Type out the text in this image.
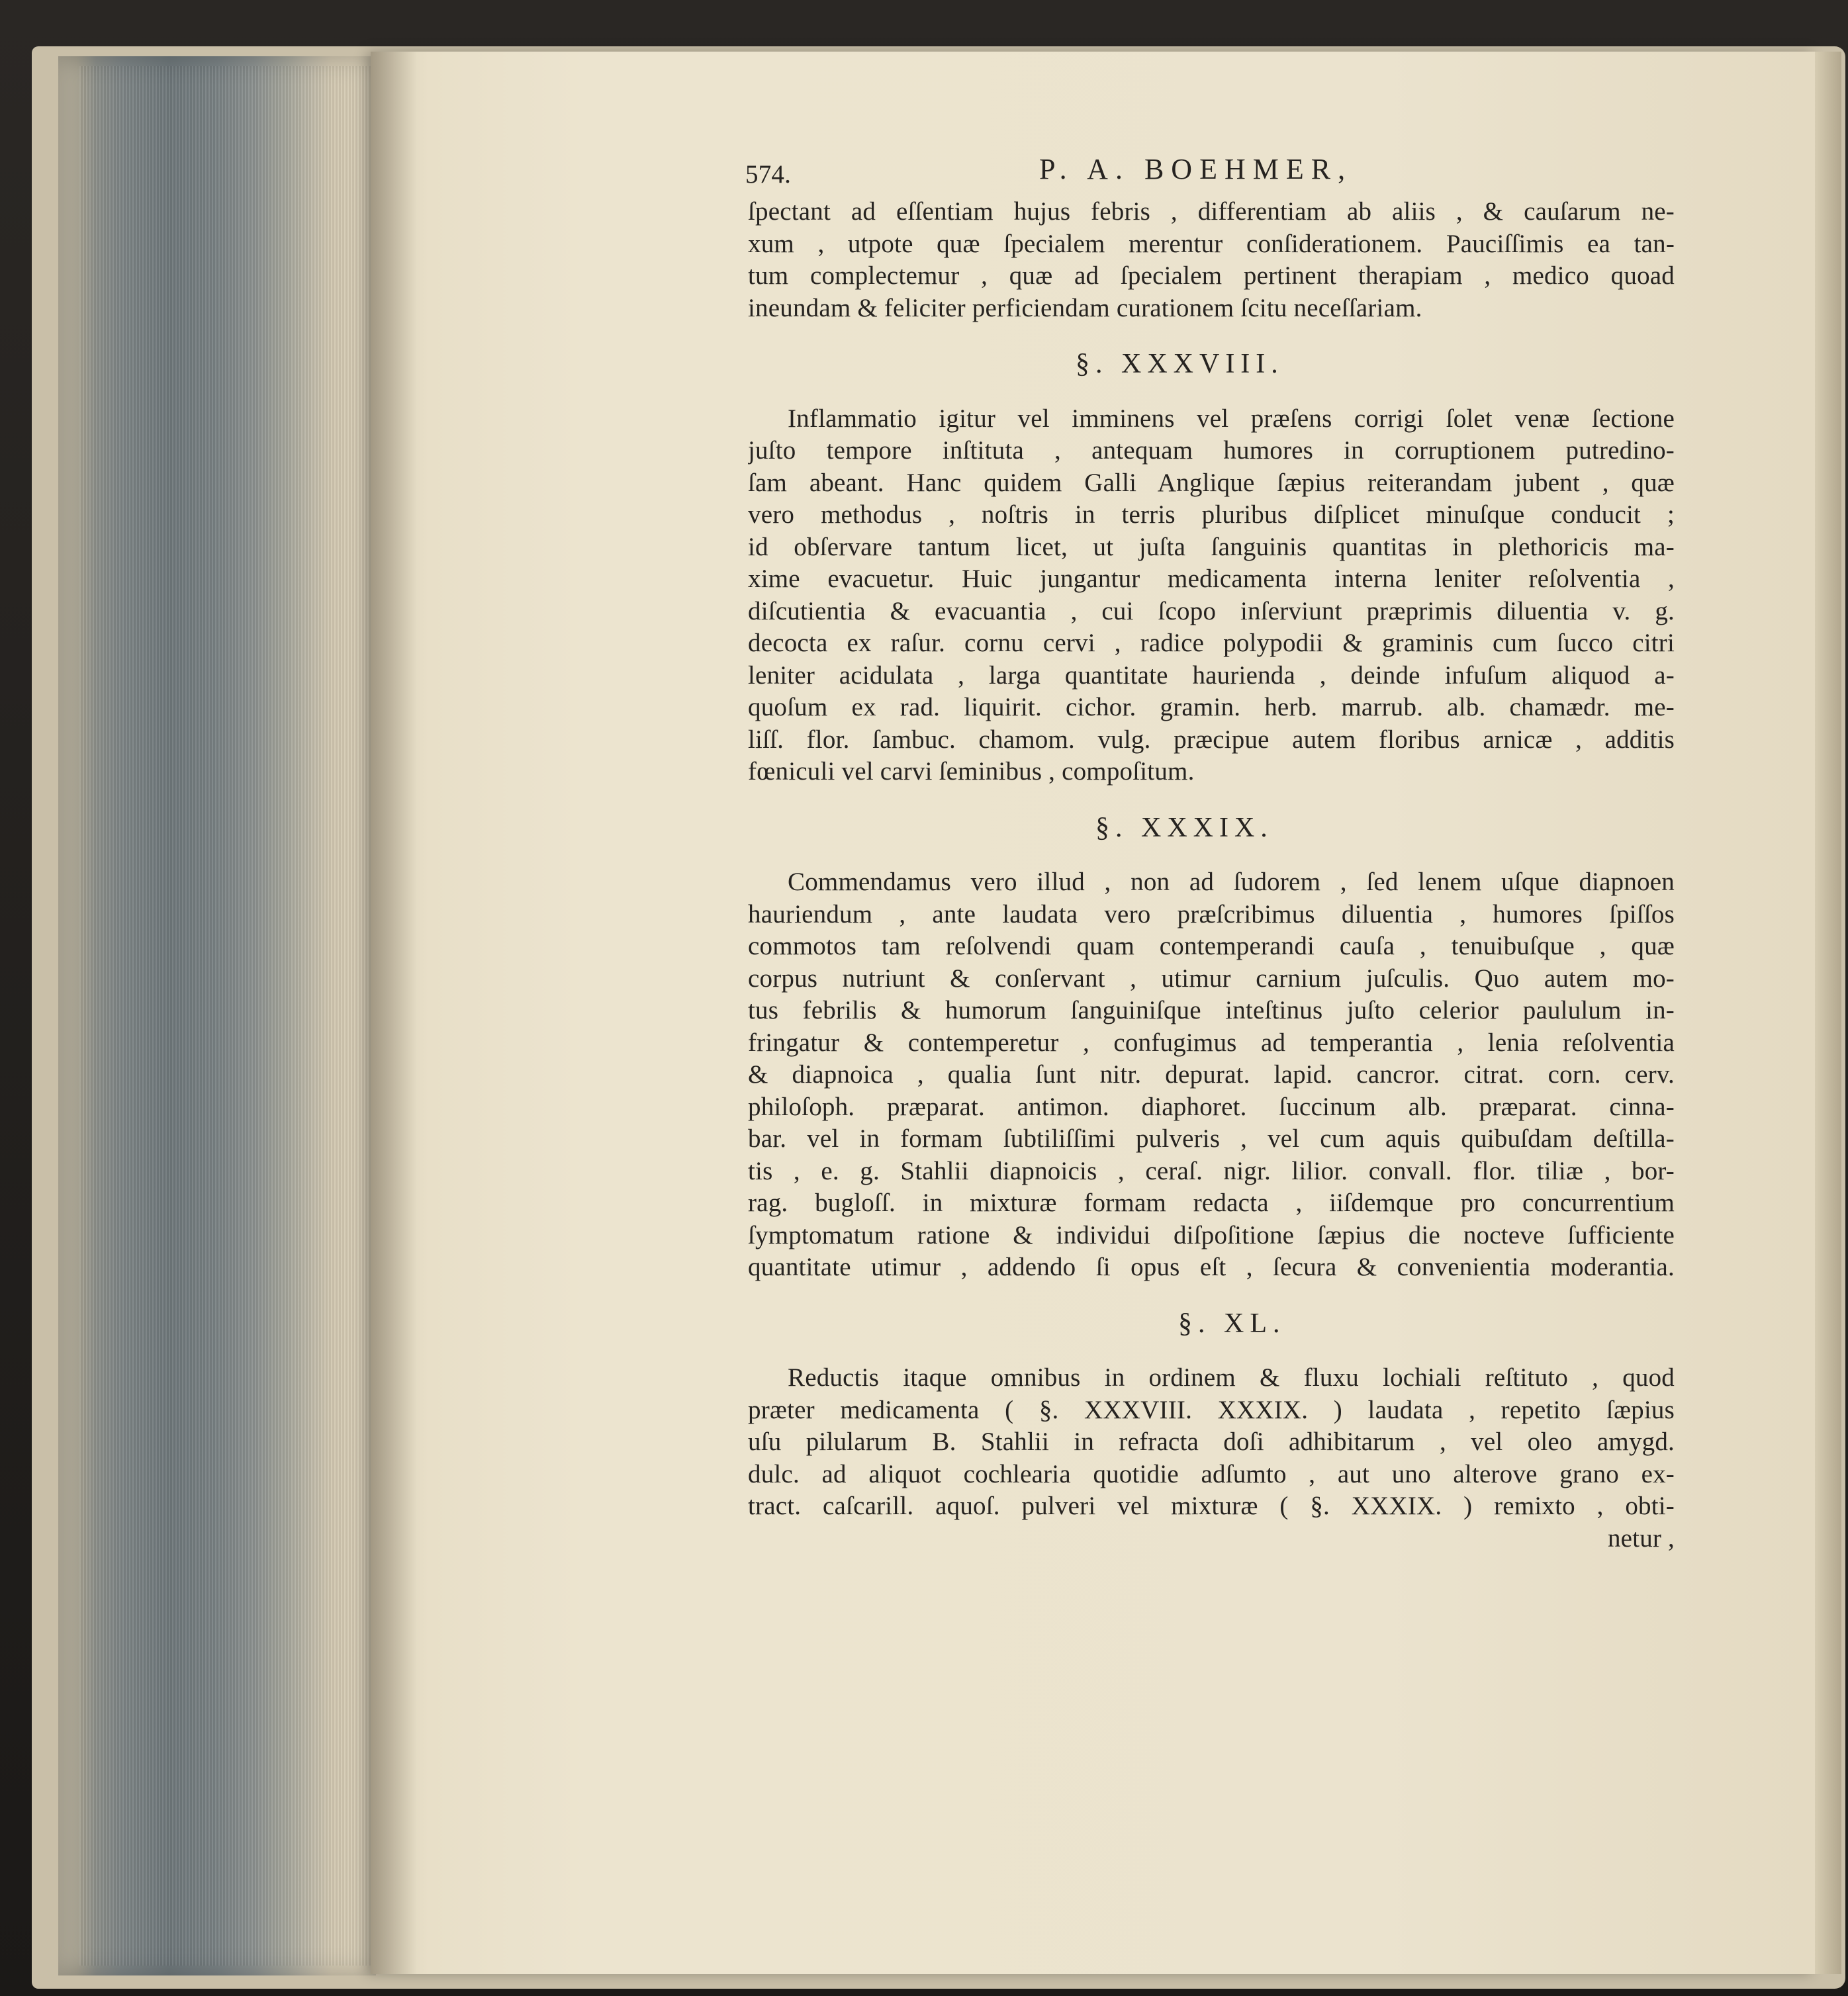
574.	P. A. BOEHMER,
ſpectant ad eſſentiam hujus febris , differentiam ab aliis , & cauſarum ne-
xum , utpote quæ ſpecialem merentur conſiderationem. Pauciſſimis ea tan-
tum complectemur , quæ ad ſpecialem pertinent therapiam , medico quoad
ineundam & feliciter perficiendam curationem ſcitu neceſſariam.
§. XXXVIII.
Inflammatio igitur vel imminens vel præſens corrigi ſolet venæ ſectione
juſto tempore inſtituta , antequam humores in corruptionem putredino-
ſam abeant. Hanc quidem Galli Anglique ſæpius reiterandam jubent , quæ
vero methodus , noſtris in terris pluribus diſplicet minuſque conducit ;
id obſervare tantum licet, ut juſta ſanguinis quantitas in plethoricis ma-
xime evacuetur. Huic jungantur medicamenta interna leniter reſolventia ,
diſcutientia & evacuantia , cui ſcopo inſerviunt præprimis diluentia v. g.
decocta ex raſur. cornu cervi , radice polypodii & graminis cum ſucco citri
leniter acidulata , larga quantitate haurienda , deinde infuſum aliquod a-
quoſum ex rad. liquirit. cichor. gramin. herb. marrub. alb. chamædr. me-
liſſ. flor. ſambuc. chamom. vulg. præcipue autem floribus arnicæ , additis
fœniculi vel carvi ſeminibus , compoſitum.
§. XXXIX.
Commendamus vero illud , non ad ſudorem , ſed lenem uſque diapnoen
hauriendum , ante laudata vero præſcribimus diluentia , humores ſpiſſos
commotos tam reſolvendi quam contemperandi cauſa , tenuibuſque , quæ
corpus nutriunt & conſervant , utimur carnium juſculis. Quo autem mo-
tus febrilis & humorum ſanguiniſque inteſtinus juſto celerior paululum in-
fringatur & contemperetur , confugimus ad temperantia , lenia reſolventia
& diapnoica , qualia ſunt nitr. depurat. lapid. cancror. citrat. corn. cerv.
philoſoph. præparat. antimon. diaphoret. ſuccinum alb. præparat. cinna-
bar. vel in formam ſubtiliſſimi pulveris , vel cum aquis quibuſdam deſtilla-
tis , e. g. Stahlii diapnoicis , ceraſ. nigr. lilior. convall. flor. tiliæ , bor-
rag. bugloſſ. in mixturæ formam redacta , iiſdemque pro concurrentium
ſymptomatum ratione & individui diſpoſitione ſæpius die nocteve ſufficiente
quantitate utimur , addendo ſi opus eſt , ſecura & convenientia moderantia.
§. XL.
Reductis itaque omnibus in ordinem & fluxu lochiali reſtituto , quod
præter medicamenta ( §. XXXVIII. XXXIX. ) laudata , repetito ſæpius
uſu pilularum B. Stahlii in refracta doſi adhibitarum , vel oleo amygd.
dulc. ad aliquot cochlearia quotidie adſumto , aut uno alterove grano ex-
tract. caſcarill. aquoſ. pulveri vel mixturæ ( §. XXXIX. ) remixto , obti-
netur ,
